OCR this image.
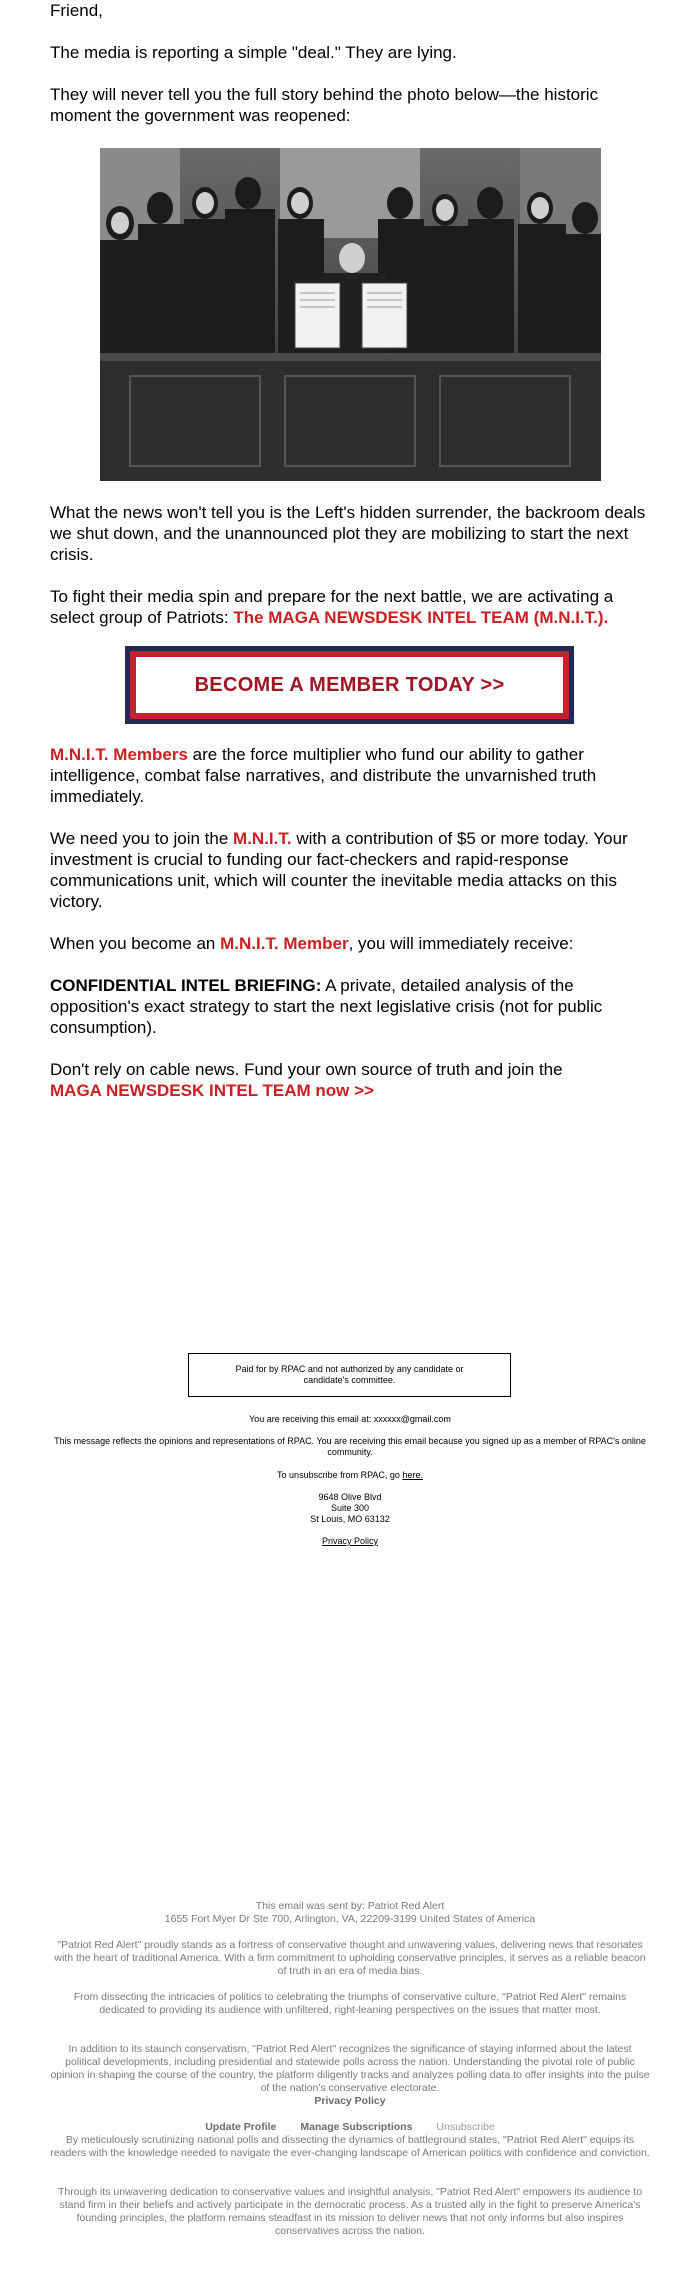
Friend,

The media is reporting a simple "deal." They are lying.

They will never tell you the full story behind the photo below—the historic moment the government was reopened:

What the news won't tell you is the Left's hidden surrender, the backroom deals we shut down, and the unannounced plot they are mobilizing to start the next crisis.

To fight their media spin and prepare for the next battle, we are activating a select group of Patriots: The MAGA NEWSDESK INTEL TEAM (M.N.I.T.).

BECOME A MEMBER TODAY >>

M.N.I.T. Members are the force multiplier who fund our ability to gather intelligence, combat false narratives, and distribute the unvarnished truth immediately.

We need you to join the M.N.I.T. with a contribution of $5 or more today. Your investment is crucial to funding our fact-checkers and rapid-response communications unit, which will counter the inevitable media attacks on this victory.

When you become an M.N.I.T. Member, you will immediately receive:

CONFIDENTIAL INTEL BRIEFING: A private, detailed analysis of the opposition's exact strategy to start the next legislative crisis (not for public consumption).

Don't rely on cable news. Fund your own source of truth and join the
MAGA NEWSDESK INTEL TEAM now >>

Paid for by RPAC and not authorized by any candidate or candidate's committee.

You are receiving this email at: xxxxxx@gmail.com

This message reflects the opinions and representations of RPAC. You are receiving this email because you signed up as a member of RPAC's online community.

To unsubscribe from RPAC, go here.

9648 Olive Blvd

Suite 300

St Louis, MO 63132

Privacy Policy

This email was sent by: Patriot Red Alert

1655 Fort Myer Dr Ste 700, Arlington, VA, 22209-3199 United States of America

"Patriot Red Alert" proudly stands as a fortress of conservative thought and unwavering values, delivering news that resonates with the heart of traditional America. With a firm commitment to upholding conservative principles, it serves as a reliable beacon of truth in an era of media bias.

From dissecting the intricacies of politics to celebrating the triumphs of conservative culture, "Patriot Red Alert" remains dedicated to providing its audience with unfiltered, right-leaning perspectives on the issues that matter most.

In addition to its staunch conservatism, "Patriot Red Alert" recognizes the significance of staying informed about the latest political developments, including presidential and statewide polls across the nation. Understanding the pivotal role of public opinion in shaping the course of the country, the platform diligently tracks and analyzes polling data to offer insights into the pulse of the nation's conservative electorate.

Privacy Policy

Update Profile Manage Subscriptions Unsubscribe

By meticulously scrutinizing national polls and dissecting the dynamics of battleground states, "Patriot Red Alert" equips its readers with the knowledge needed to navigate the ever-changing landscape of American politics with confidence and conviction.

Through its unwavering dedication to conservative values and insightful analysis, "Patriot Red Alert" empowers its audience to stand firm in their beliefs and actively participate in the democratic process. As a trusted ally in the fight to preserve America's founding principles, the platform remains steadfast in its mission to deliver news that not only informs but also inspires conservatives across the nation.
